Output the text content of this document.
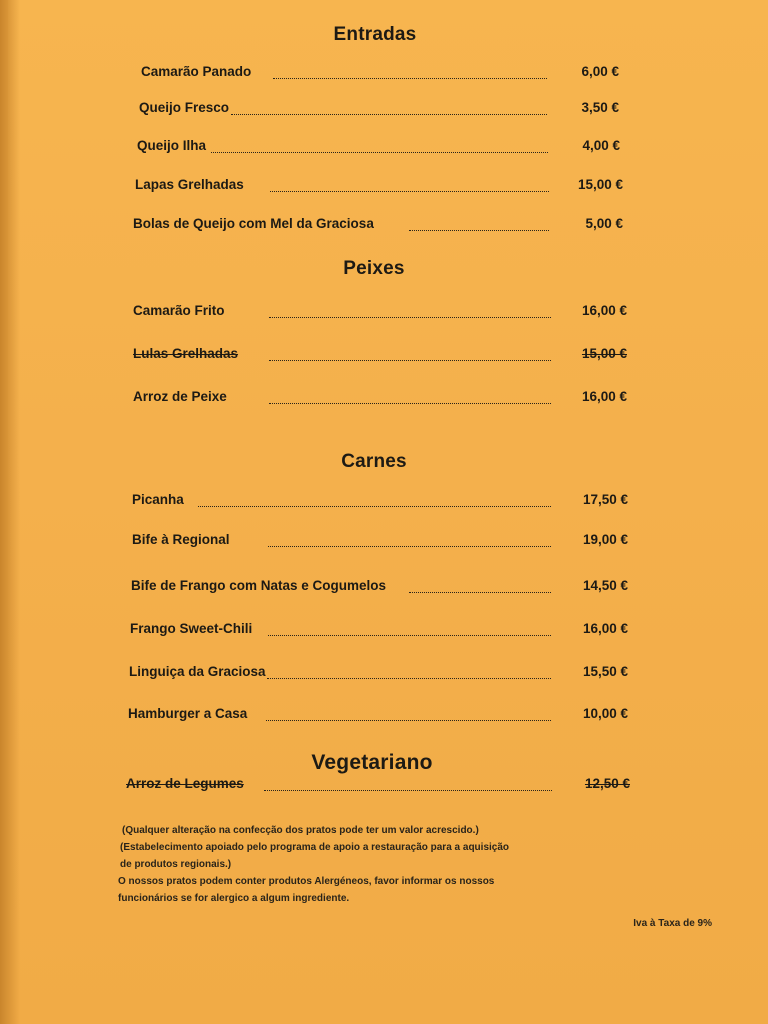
Entradas
Camarão Panado	6,00 €
Queijo Fresco	3,50 €
Queijo Ilha	4,00 €
Lapas Grelhadas	15,00 €
Bolas de Queijo com Mel da Graciosa	5,00 €
Peixes
Camarão Frito	16,00 €
Lulas Grelhadas	15,00 €
Arroz de Peixe	16,00 €
Carnes
Picanha	17,50 €
Bife à Regional	19,00 €
Bife de Frango com Natas e Cogumelos	14,50 €
Frango Sweet-Chili	16,00 €
Linguiça da Graciosa	15,50 €
Hamburger a Casa	10,00 €
Vegetariano
Arroz de Legumes	12,50 €

(Qualquer alteração na confecção dos pratos pode ter um valor acrescido.)

(Estabelecimento apoiado pelo programa de apoio a restauração para a aquisição de produtos regionais.)

O nossos pratos podem conter produtos Alergéneos, favor informar os nossos funcionários se for alergico a algum ingrediente.

Iva à Taxa de 9%
